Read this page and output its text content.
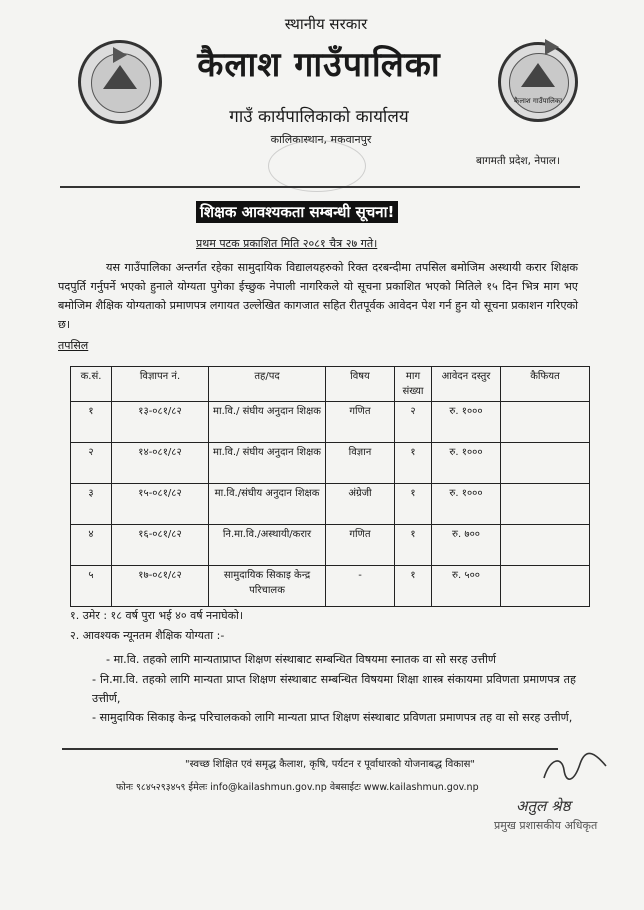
स्थानीय सरकार
कैलाश गाउँपालिका
गाउँ कार्यपालिकाको कार्यालय
कालिकास्थान, मकवानपुर
बागमती प्रदेश, नेपाल।
कैलाश गाउँपालिका
शिक्षक आवश्यकता सम्बन्धी सूचना!
प्रथम पटक प्रकाशित मिति २०८१ चैत्र २७ गते।
यस गाउँपालिका अन्तर्गत रहेका सामुदायिक विद्यालयहरुको रिक्त दरबन्दीमा तपसिल बमोजिम अस्थायी करार शिक्षक पदपुर्ति गर्नुपर्ने भएको हुनाले योग्यता पुगेका ईच्छुक नेपाली नागरिकले यो सूचना प्रकाशित भएको मितिले १५ दिन भित्र माग भए बमोजिम शैक्षिक योग्यताको प्रमाणपत्र लगायत उल्लेखित कागजात सहित रीतपूर्वक आवेदन पेश गर्न हुन यो सूचना प्रकाशन गरिएको छ।
तपसिल
क.सं.	विज्ञापन नं.	तह/पद	विषय	माग संख्या	आवेदन दस्तुर	कैफियत
१	१३-०८१/८२	मा.वि./ संघीय अनुदान शिक्षक	गणित	२	रु. १०००	
२	१४-०८१/८२	मा.वि./ संघीय अनुदान शिक्षक	विज्ञान	१	रु. १०००	
३	१५-०८१/८२	मा.वि./संघीय अनुदान शिक्षक	अंग्रेजी	१	रु. १०००	
४	१६-०८१/८२	नि.मा.वि./अस्थायी/करार	गणित	१	रु. ७००	
५	१७-०८१/८२	सामुदायिक सिकाइ केन्द्र परिचालक	-	१	रु. ५००	
१. उमेर : १८ वर्ष पुरा भई ४० वर्ष ननाघेको।
२. आवश्यक न्यूनतम शैक्षिक योग्यता :-
- मा.वि. तहको लागि मान्यताप्राप्त शिक्षण संस्थाबाट सम्बन्धित विषयमा स्नातक वा सो सरह उत्तीर्ण
- नि.मा.वि. तहको लागि मान्यता प्राप्त शिक्षण संस्थाबाट सम्बन्धित विषयमा शिक्षा शास्त्र संकायमा प्रविणता प्रमाणपत्र तह उत्तीर्ण,
- सामुदायिक सिकाइ केन्द्र परिचालकको लागि मान्यता प्राप्त शिक्षण संस्थाबाट प्रविणता प्रमाणपत्र तह वा सो सरह उत्तीर्ण,
"स्वच्छ शिक्षित एवं समृद्ध कैलाश, कृषि, पर्यटन र पूर्वाधारको योजनाबद्ध विकास"
फोनः ९८४५२९३४५९ ईमेलः info@kailashmun.gov.np वेबसाईटः www.kailashmun.gov.np
अतुल श्रेष्ठ
प्रमुख प्रशासकीय अधिकृत
